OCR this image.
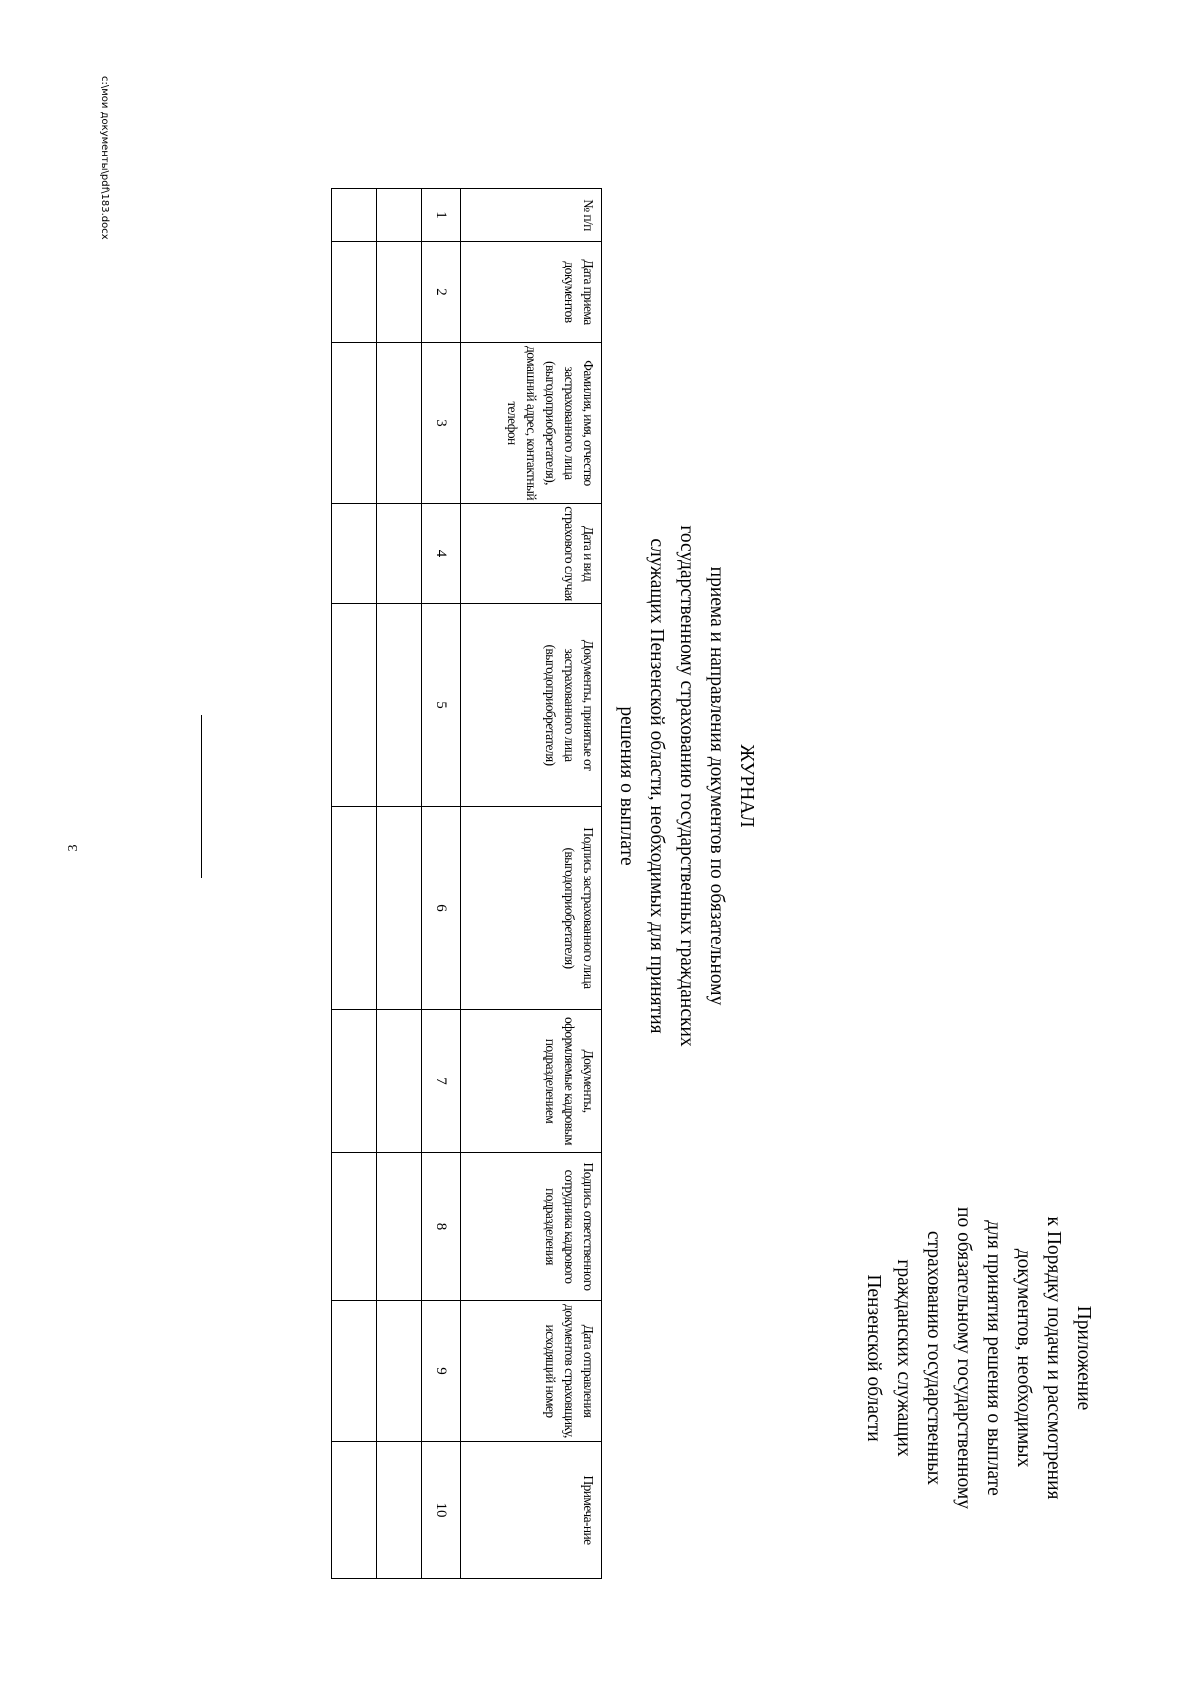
3
Приложение
к Порядку подачи и рассмотрения
документов, необходимых
для принятия решения о выплате
по обязательному государственному
страхованию государственных
гражданских служащих
Пензенской области
ЖУРНАЛ
приема и направления документов по обязательному
государственному страхованию государственных гражданских
служащих Пензенской области, необходимых для принятия
решения о выплате
№ п/п	Дата приема документов	Фамилия, имя, отчество застрахованного лица (выгодоприобретателя), домашний адрес, контактный телефон	Дата и вид страхового случая	Документы, принятые от застрахованного лица (выгодоприобретателя)	Подпись застрахованного лица (выгодоприобретателя)	Документы, оформляемые кадровым подразделением	Подпись ответственного сотрудника кадрового подразделения	Дата отправления документов страховщику, исходящий номер	Примеча-ние
1	2	3	4	5	6	7	8	9	10

c:\мои документы\pdf\183.docx
